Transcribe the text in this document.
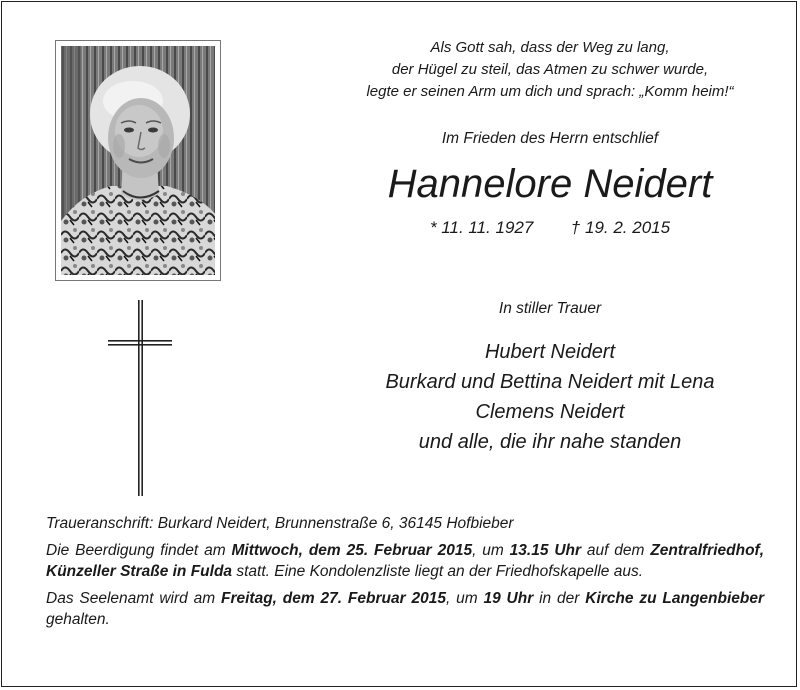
Als Gott sah, dass der Weg zu lang,
der Hügel zu steil, das Atmen zu schwer wurde,
legte er seinen Arm um dich und sprach: „Komm heim!“
Im Frieden des Herrn entschlief
Hannelore Neidert
* 11. 11. 1927 † 19. 2. 2015
In stiller Trauer
Hubert Neidert
Burkard und Bettina Neidert mit Lena
Clemens Neidert
und alle, die ihr nahe standen

Traueranschrift: Burkard Neidert, Brunnenstraße 6, 36145 Hofbieber

Die Beerdigung findet am Mittwoch, dem 25. Februar 2015, um 13.15 Uhr auf dem Zentralfriedhof, Künzeller Straße in Fulda statt. Eine Kondolenzliste liegt an der Friedhofskapelle aus.

Das Seelenamt wird am Freitag, dem 27. Februar 2015, um 19 Uhr in der Kirche zu Langenbieber gehalten.
